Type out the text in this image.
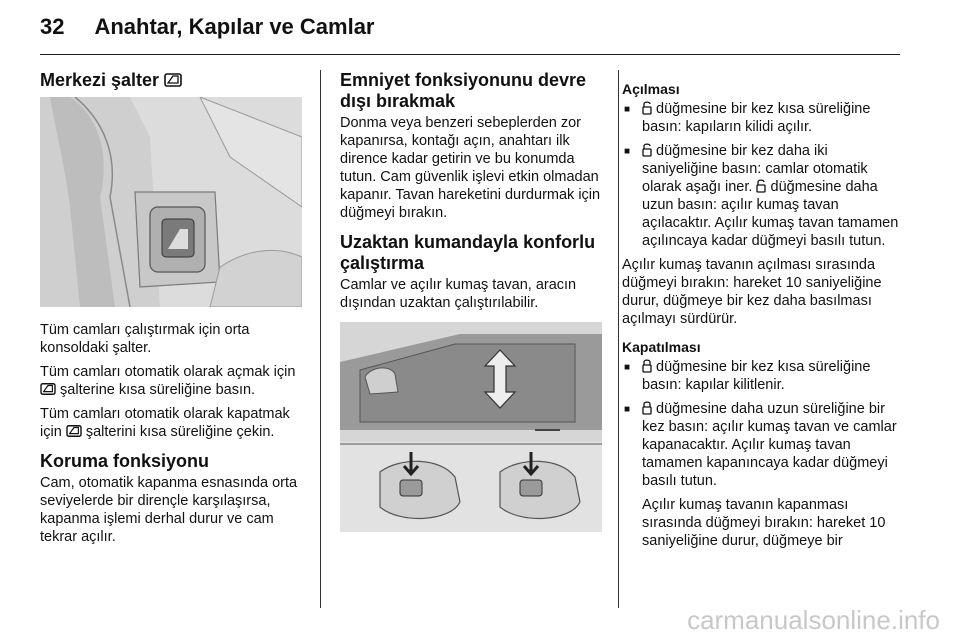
32 Anahtar, Kapılar ve Camlar
Merkezi şalter

Tüm camları çalıştırmak için orta konsoldaki şalter.

Tüm camları otomatik olarak açmak için  şalterine kısa süreliğine basın.

Tüm camları otomatik olarak kapatmak için şalterini kısa süreliğine çekin.

Koruma fonksiyonu

Cam, otomatik kapanma esnasında orta seviyelerde bir dirençle karşılaşırsa, kapanma işlemi derhal durur ve cam tekrar açılır.

Emniyet fonksiyonunu devre dışı bırakmak

Donma veya benzeri sebeplerden zor kapanırsa, kontağı açın, anahtarı ilk dirence kadar getirin ve bu konumda tutun. Cam güvenlik işlevi etkin olmadan kapanır. Tavan hareketini durdurmak için düğmeyi bırakın.

Uzaktan kumandayla konforlu çalıştırma

Camlar ve açılır kumaş tavan, aracın dışından uzaktan çalıştırılabilir.

Açılması
■	düğmesine bir kez kısa süreliğine basın: kapıların kilidi açılır.
■	düğmesine bir kez daha iki saniyeliğine basın: camlar otomatik olarak aşağı iner. düğmesine daha uzun basın: açılır kumaş tavan açılacaktır. Açılır kumaş tavan tamamen açılıncaya kadar düğmeyi basılı tutun.

Açılır kumaş tavanın açılması sırasında düğmeyi bırakın: hareket 10 saniyeliğine durur, düğmeye bir kez daha basılması açılmayı sürdürür.

Kapatılması
■	düğmesine bir kez kısa süreliğine basın: kapılar kilitlenir.
■	düğmesine daha uzun süreliğine bir kez basın: açılır kumaş tavan ve camlar kapanacaktır. Açılır kumaş tavan tamamen kapanıncaya kadar düğmeyi basılı tutun.

Açılır kumaş tavanın kapanması sırasında düğmeyi bırakın: hareket 10 saniyeliğine durur, düğmeye bir

carmanualsonline.info
